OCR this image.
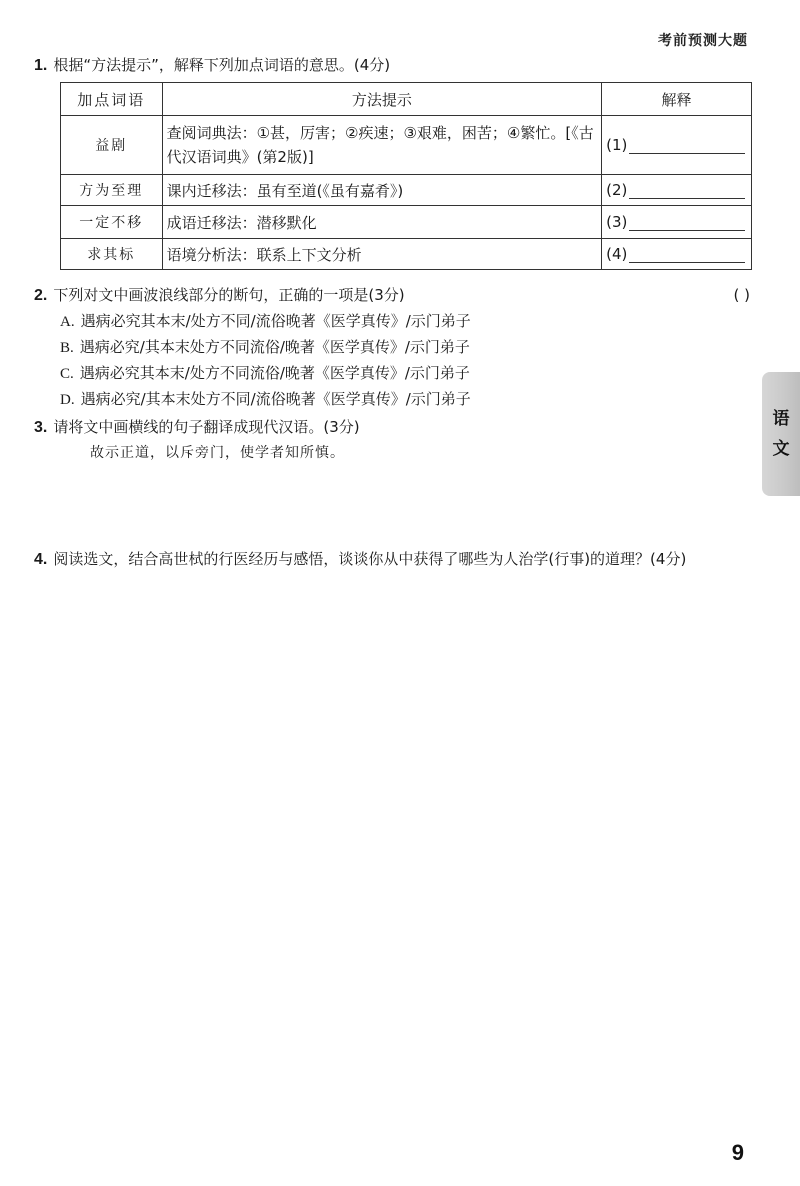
考前预测大题
1. 根据“方法提示”，解释下列加点词语的意思。(4分)
加点词语	方法提示	解释
益剧	查阅词典法：①甚，厉害；②疾速；③艰难，困苦；④繁忙。[《古代汉语词典》(第2版)]	(1)
方为至理	课内迁移法：虽有至道(《虽有嘉肴》)	(2)
一定不移	成语迁移法：潜移默化	(3)
求其标	语境分析法：联系上下文分析	(4)
2. 下列对文中画波浪线部分的断句，正确的一项是(3分)	( )
A. 遇病必究其本末/处方不同/流俗晚著《医学真传》/示门弟子
B. 遇病必究/其本末处方不同流俗/晚著《医学真传》/示门弟子
C. 遇病必究其本末/处方不同流俗/晚著《医学真传》/示门弟子
D. 遇病必究/其本末处方不同/流俗晚著《医学真传》/示门弟子
3. 请将文中画横线的句子翻译成现代汉语。(3分)
故示正道，以斥旁门，使学者知所慎。
4. 阅读选文，结合高世栻的行医经历与感悟，谈谈你从中获得了哪些为人治学(行事)的道理？(4分)
语
文
9
